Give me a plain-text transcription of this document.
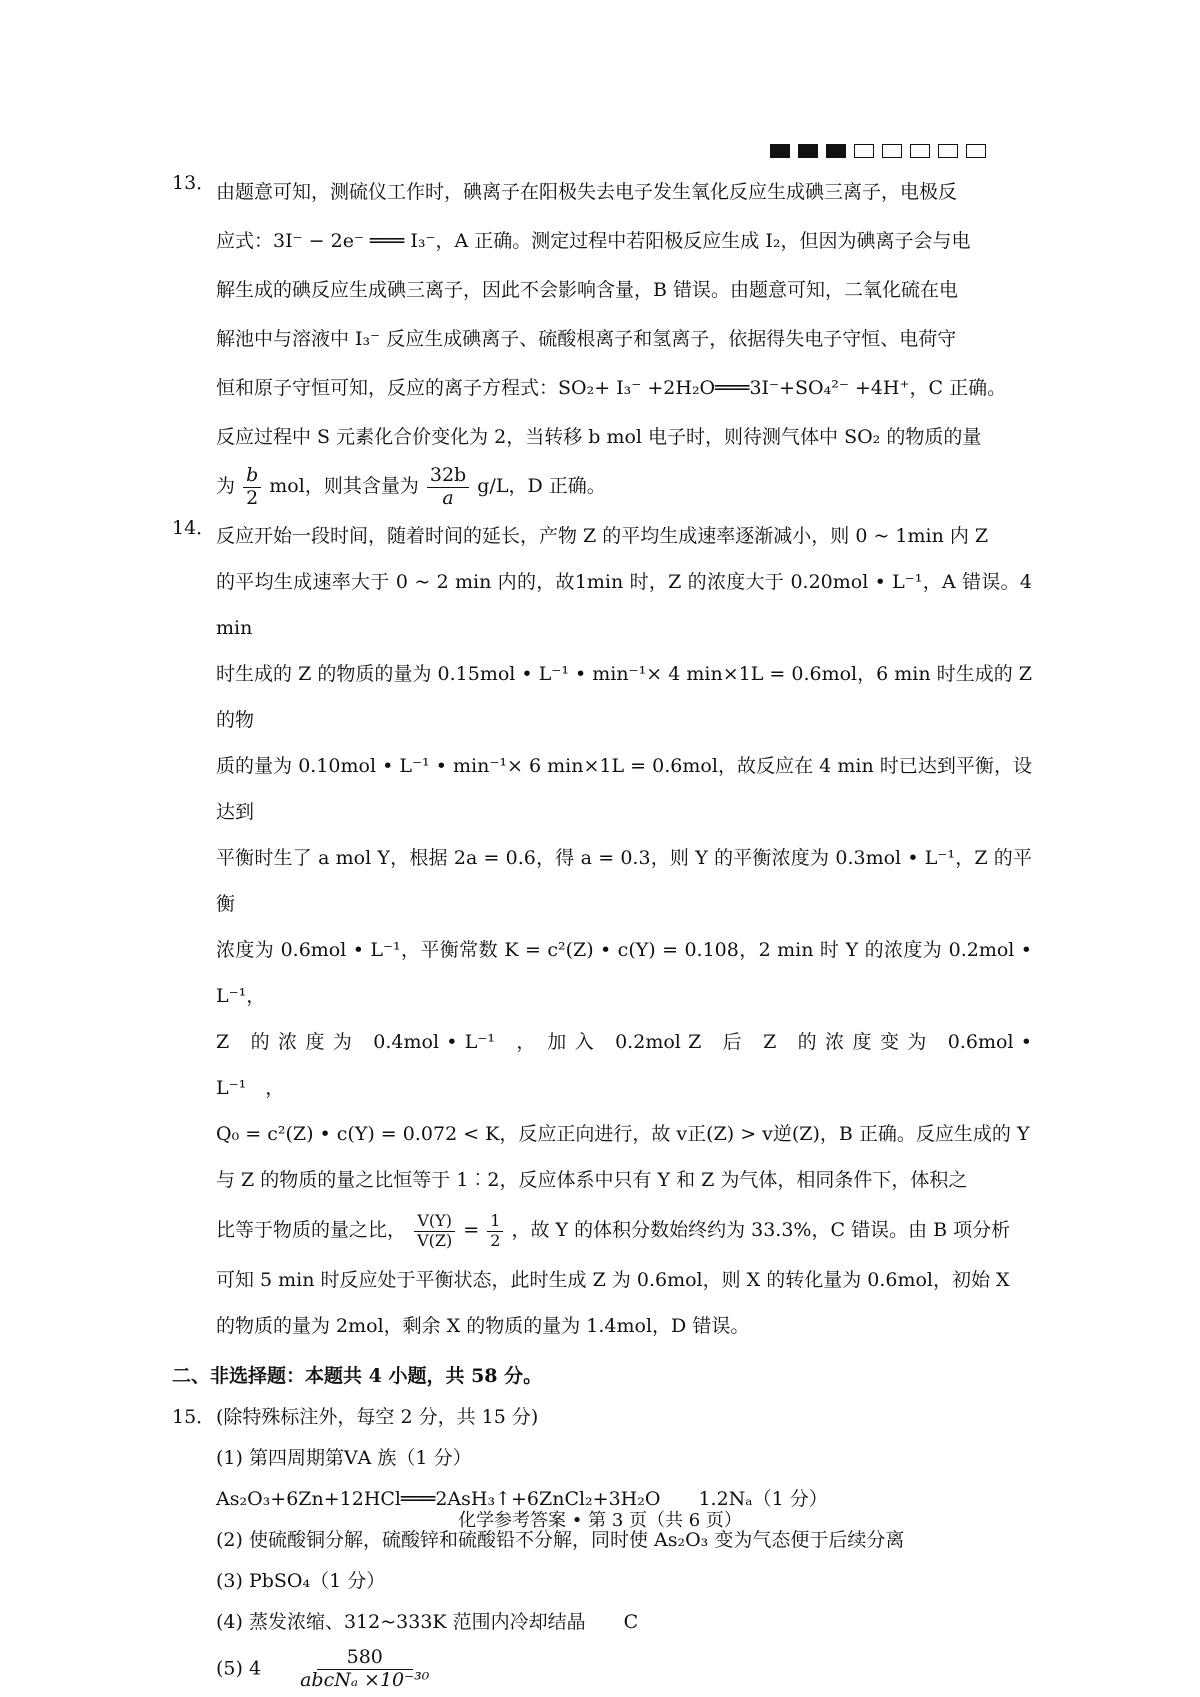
13． 由题意可知，测硫仪工作时，碘离子在阳极失去电子发生氧化反应生成碘三离子，电极反
应式：3I⁻ − 2e⁻ ═══ I₃⁻，A 正确。测定过程中若阳极反应生成 I₂，但因为碘离子会与电
解生成的碘反应生成碘三离子，因此不会影响含量，B 错误。由题意可知，二氧化硫在电
解池中与溶液中 I₃⁻ 反应生成碘离子、硫酸根离子和氢离子，依据得失电子守恒、电荷守
恒和原子守恒可知，反应的离子方程式：SO₂+ I₃⁻ +2H₂O═══3I⁻+SO₄²⁻ +4H⁺，C 正确。
反应过程中 S 元素化合价变化为 2，当转移 b mol 电子时，则待测气体中 SO₂ 的物质的量
为 $\frac{b}{2}$ mol，则其含量为 $\frac{32b}{a} g/L$，D 正确。
14． 反应开始一段时间，随着时间的延长，产物 Z 的平均生成速率逐渐减小，则 0 ~ 1min 内 Z
的平均生成速率大于 0 ~ 2 min 内的，故1min 时，Z 的浓度大于 0.20mol • L⁻¹，A 错误。4 min
时生成的 Z 的物质的量为 0.15mol • L⁻¹ • min⁻¹× 4 min×1L = 0.6mol，6 min 时生成的 Z 的物
质的量为 0.10mol • L⁻¹ • min⁻¹× 6 min×1L = 0.6mol，故反应在 4 min 时已达到平衡，设达到
平衡时生了 a mol Y，根据 2a = 0.6，得 a = 0.3，则 Y 的平衡浓度为 0.3mol • L⁻¹，Z 的平衡
浓度为 0.6mol • L⁻¹，平衡常数 K = c²(Z) • c(Y) = 0.108，2 min 时 Y 的浓度为 0.2mol • L⁻¹，
Z　的 浓 度 为　0.4mol • L⁻¹　，　加 入　0.2mol Z　后　Z　的 浓 度 变 为　0.6mol • L⁻¹　，
Q₀ = c²(Z) • c(Y) = 0.072 < K，反应正向进行，故 v正(Z) > v逆(Z)，B 正确。反应生成的 Y
与 Z 的物质的量之比恒等于 1︰2，反应体系中只有 Y 和 Z 为气体，相同条件下，体积之
比等于物质的量之比， $\frac{V(Y)}{V(Z)} = \frac{1}{2}$ ，故 Y 的体积分数始终约为 33.3%，C 错误。由 B 项分析
可知 5 min 时反应处于平衡状态，此时生成 Z 为 0.6mol，则 X 的转化量为 0.6mol，初始 X
的物质的量为 2mol，剩余 X 的物质的量为 1.4mol，D 错误。
二、非选择题：本题共 4 小题，共 58 分。
15． (除特殊标注外，每空 2 分，共 15 分)
(1) 第四周期第ⅤA 族（1 分）
As₂O₃+6Zn+12HCl═══2AsH₃↑+6ZnCl₂+3H₂O　　1.2Nₐ（1 分）
(2) 使硫酸铜分解，硫酸锌和硫酸铅不分解，同时使 As₂O₃ 变为气态便于后续分离
(3) PbSO₄（1 分）
(4) 蒸发浓缩、312~333K 范围内冷却结晶　　C
(5) $4 \frac{580}{\text{abcNₐ ×10⁻³⁰}}$
化学参考答案 • 第 3 页（共 6 页）
